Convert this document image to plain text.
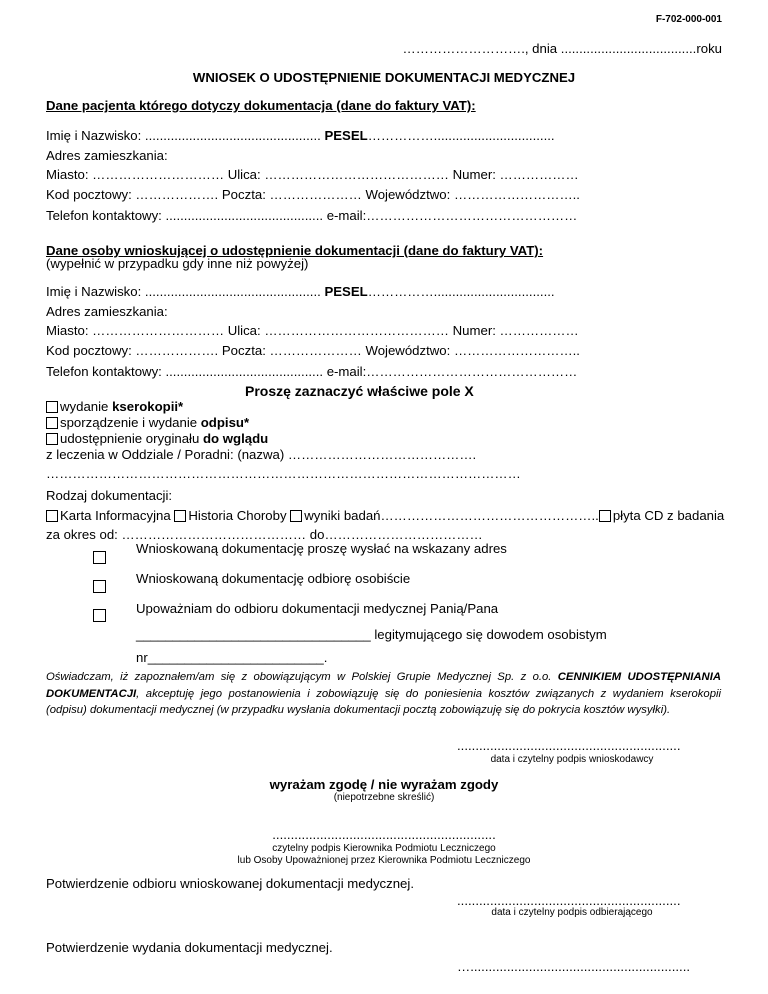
F-702-000-001
………………………., dnia .....................................roku
WNIOSEK O UDOSTĘPNIENIE DOKUMENTACJI MEDYCZNEJ
Dane pacjenta którego dotyczy dokumentacja (dane do faktury VAT):
Imię i Nazwisko: ................................................ PESEL…………….................................
Adres zamieszkania:
Miasto: ………………………… Ulica: …………………………………… Numer: ………………
Kod pocztowy: ………………. Poczta: ………………… Województwo: ………………………..
Telefon kontaktowy: ........................................... e-mail:…………………………………………
Dane osoby wnioskującej o udostępnienie dokumentacji (dane do faktury VAT):
(wypełnić w przypadku gdy inne niż powyżej)
Imię i Nazwisko: ................................................ PESEL…………….................................
Adres zamieszkania:
Miasto: ………………………… Ulica: …………………………………… Numer: ………………
Kod pocztowy: ………………. Poczta: ………………… Województwo: ………………………..
Telefon kontaktowy: ........................................... e-mail:…………………………………………
Proszę zaznaczyć właściwe pole X
wydanie kserokopii*
sporządzenie i wydanie odpisu*
udostępnienie oryginału do wglądu
z leczenia w Oddziale / Poradni: (nazwa) …………………………………….
………………………………………………………………………………………………
Rodzaj dokumentacji:
Karta Informacyjna Historia Choroby wyniki badań………………………………………….. płyta CD z badania
za okres od: …………………………………… do………………………………
Wnioskowaną dokumentację proszę wysłać na wskazany adres
Wnioskowaną dokumentację odbiorę osobiście
Upoważniam do odbioru dokumentacji medycznej Panią/Pana
________________________________ legitymującego się dowodem osobistym
nr________________________.
Oświadczam, iż zapoznałem/am się z obowiązującym w Polskiej Grupie Medycznej Sp. z o.o. CENNIKIEM UDOSTĘPNIANIA DOKUMENTACJI, akceptuję jego postanowienia i zobowiązuję się do poniesienia kosztów związanych z wydaniem kserokopii (odpisu) dokumentacji medycznej (w przypadku wysłania dokumentacji pocztą zobowiązuję się do pokrycia kosztów wysyłki).
.............................................................
data i czytelny podpis wnioskodawcy
wyrażam zgodę / nie wyrażam zgody
(niepotrzebne skreślić)
.............................................................
czytelny podpis Kierownika Podmiotu Leczniczego
lub Osoby Upoważnionej przez Kierownika Podmiotu Leczniczego
Potwierdzenie odbioru wnioskowanej dokumentacji medycznej.
.............................................................
data i czytelny podpis odbierającego
Potwierdzenie wydania dokumentacji medycznej.
…............................................................
